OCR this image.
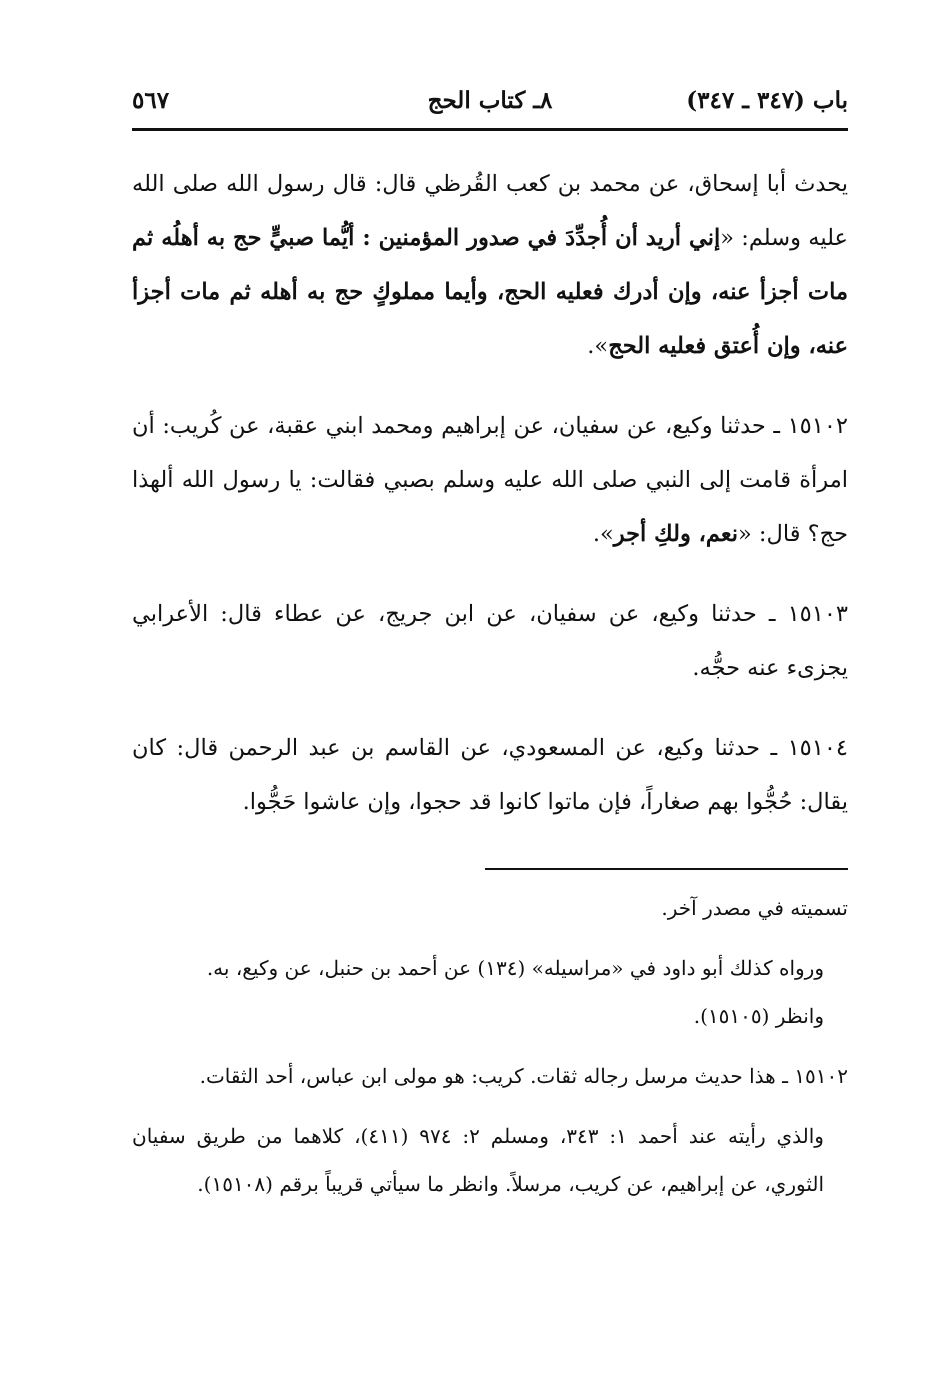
٥٦٧	٨ـ كتاب الحج	باب (٣٤٧ ـ ٣٤٧)

يحدث أبا إسحاق، عن محمد بن كعب القُرظي قال: قال رسول الله صلى الله عليه وسلم: «إني أريد أن أُجدِّدَ في صدور المؤمنين : أيُّما صبيٍّ حج به أهلُه ثم مات أجزأ عنه، وإن أدرك فعليه الحج، وأيما مملوكٍ حج به أهله ثم مات أجزأ عنه، وإن أُعتق فعليه الحج».

١٥١٠٢ ـ حدثنا وكيع، عن سفيان، عن إبراهيم ومحمد ابني عقبة، عن كُريب: أن امرأة قامت إلى النبي صلى الله عليه وسلم بصبي فقالت: يا رسول الله ألهذا حج؟ قال: «نعم، ولكِ أجر».

١٥١٠٣ ـ حدثنا وكيع، عن سفيان، عن ابن جريج، عن عطاء قال: الأعرابي يجزىء عنه حجُّه.

١٥١٠٤ ـ حدثنا وكيع، عن المسعودي، عن القاسم بن عبد الرحمن قال: كان يقال: حُجُّوا بهم صغاراً، فإن ماتوا كانوا قد حجوا، وإن عاشوا حَجُّوا.

تسميته في مصدر آخر.

ورواه كذلك أبو داود في «مراسيله» (١٣٤) عن أحمد بن حنبل، عن وكيع، به.
وانظر (١٥١٠٥).

١٥١٠٢ ـ هذا حديث مرسل رجاله ثقات. كريب: هو مولى ابن عباس، أحد الثقات.

والذي رأيته عند أحمد ١: ٣٤٣، ومسلم ٢: ٩٧٤ (٤١١)، كلاهما من طريق سفيان الثوري، عن إبراهيم، عن كريب، مرسلاً. وانظر ما سيأتي قريباً برقم (١٥١٠٨).
